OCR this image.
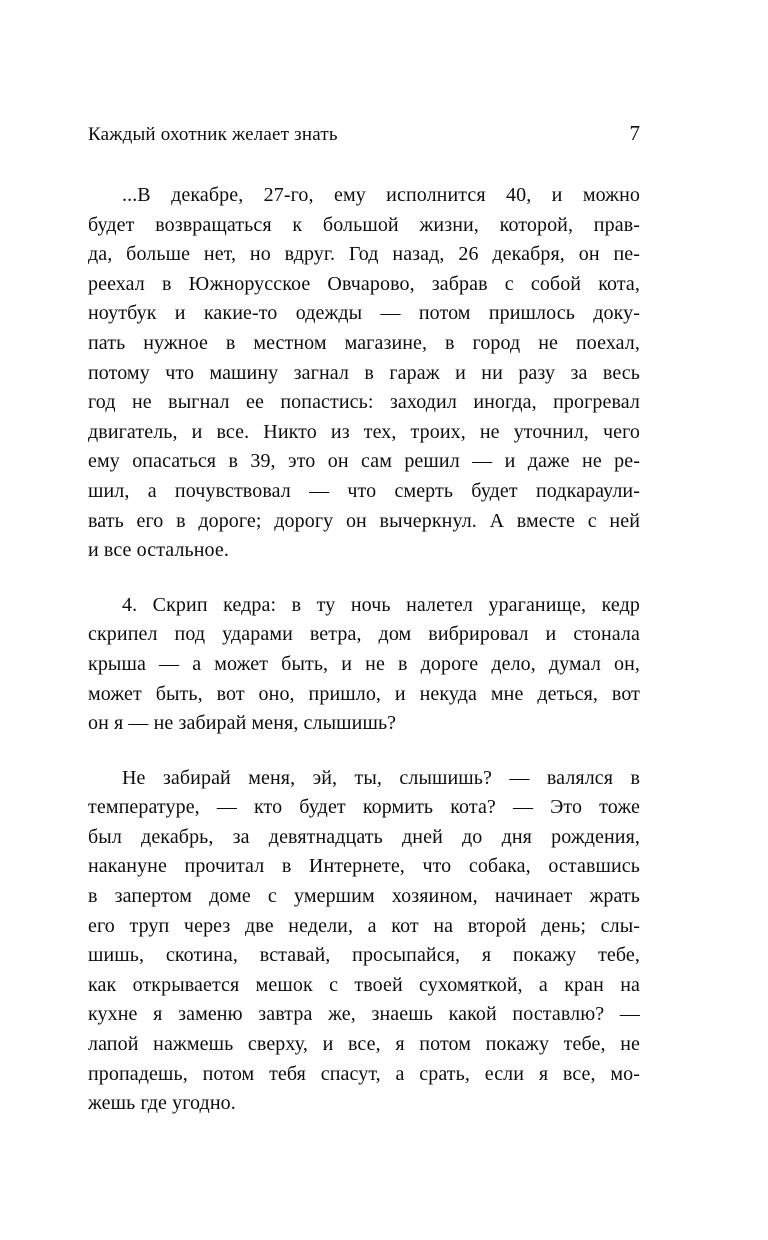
Каждый охотник желает знать	7
...В декабре, 27-го, ему исполнится 40, и можно
будет возвращаться к большой жизни, которой, прав-
да, больше нет, но вдруг. Год назад, 26 декабря, он пе-
реехал в Южнорусское Овчарово, забрав с собой кота,
ноутбук и какие-то одежды — потом пришлось доку-
пать нужное в местном магазине, в город не поехал,
потому что машину загнал в гараж и ни разу за весь
год не выгнал ее попастись: заходил иногда, прогревал
двигатель, и все. Никто из тех, троих, не уточнил, чего
ему опасаться в 39, это он сам решил — и даже не ре-
шил, а почувствовал — что смерть будет подкараули-
вать его в дороге; дорогу он вычеркнул. А вместе с ней
и все остальное.
4. Скрип кедра: в ту ночь налетел ураганище, кедр
скрипел под ударами ветра, дом вибрировал и стонала
крыша — а может быть, и не в дороге дело, думал он,
может быть, вот оно, пришло, и некуда мне деться, вот
он я — не забирай меня, слышишь?
Не забирай меня, эй, ты, слышишь? — валялся в
температуре, — кто будет кормить кота? — Это тоже
был декабрь, за девятнадцать дней до дня рождения,
накануне прочитал в Интернете, что собака, оставшись
в запертом доме с умершим хозяином, начинает жрать
его труп через две недели, а кот на второй день; слы-
шишь, скотина, вставай, просыпайся, я покажу тебе,
как открывается мешок с твоей сухомяткой, а кран на
кухне я заменю завтра же, знаешь какой поставлю? —
лапой нажмешь сверху, и все, я потом покажу тебе, не
пропадешь, потом тебя спасут, а срать, если я все, мо-
жешь где угодно.
